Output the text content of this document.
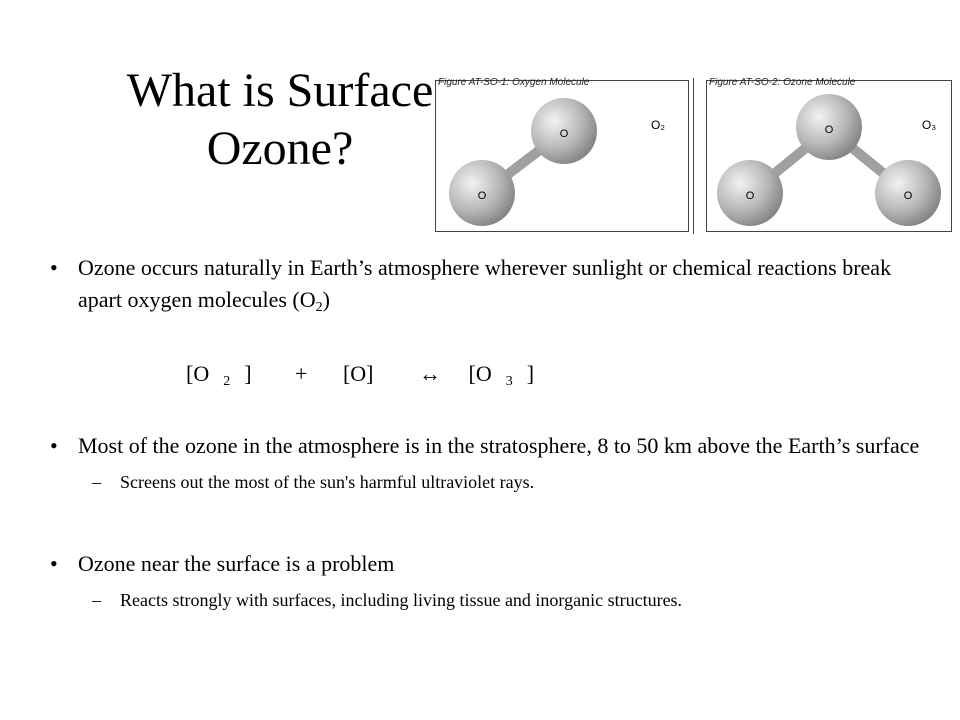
What is Surface
Ozone?
Figure AT-SO-1: Oxygen Molecule
O
O
O₂
Figure AT-SO-2: Ozone Molecule
O
O
O
O₃
• Ozone occurs naturally in Earth’s atmosphere wherever sunlight or chemical reactions break apart oxygen molecules $(O_2)$
[O $_2$ ] + [O] ↔ [O $_3$ ]
• Most of the ozone in the atmosphere is in the stratosphere, 8 to 50 km above the Earth’s surface
– Screens out the most of the sun's harmful ultraviolet rays.
• Ozone near the surface is a problem
– Reacts strongly with surfaces, including living tissue and inorganic structures.
